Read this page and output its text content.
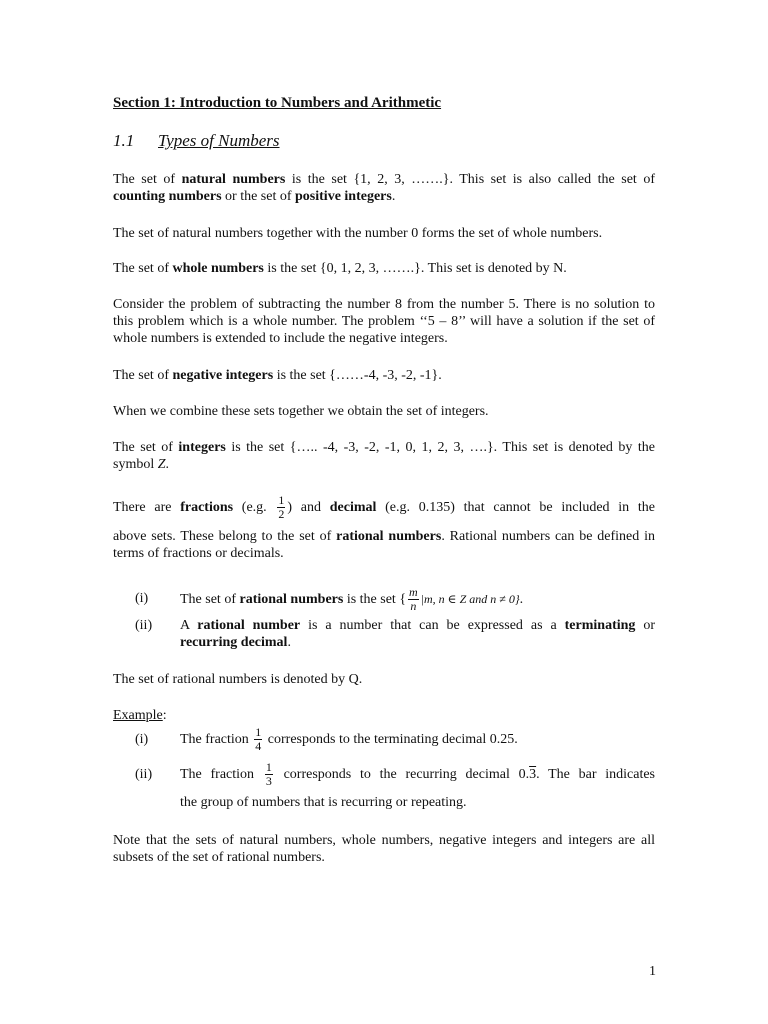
Section 1: Introduction to Numbers and Arithmetic
1.1 Types of Numbers
The set of natural numbers is the set {1, 2, 3, …….}. This set is also called the set of
counting numbers or the set of positive integers.
The set of natural numbers together with the number 0 forms the set of whole numbers.
The set of whole numbers is the set {0, 1, 2, 3, …….}. This set is denoted by N.
Consider the problem of subtracting the number 8 from the number 5. There is no solution to this problem which is a whole number. The problem ‘‘5 – 8’’ will have a solution if the set of whole numbers is extended to include the negative integers.
The set of negative integers is the set {……-4, -3, -2, -1}.
When we combine these sets together we obtain the set of integers.
The set of integers is the set {….. -4, -3, -2, -1, 0, 1, 2, 3, ….}. This set is denoted by the symbol Z.
There are fractions (e.g. $\frac{1}{2}$ ) and decimal (e.g. 0.135) that cannot be included in the
above sets. These belong to the set of rational numbers. Rational numbers can be defined in terms of fractions or decimals.
(i) The set of rational numbers is the set { $\frac{m}{n} |m$, n ∈ Z and n ≠ 0}.
(ii) A rational number is a number that can be expressed as a terminating or
recurring decimal.
The set of rational numbers is denoted by Q.
Example:
(i) The fraction $\frac{1}{4}$ corresponds to the terminating decimal 0.25.
(ii) The fraction $\frac{1}{3}$ corresponds to the recurring decimal 0.3. The bar indicates
the group of numbers that is recurring or repeating.
Note that the sets of natural numbers, whole numbers, negative integers and integers are all subsets of the set of rational numbers.
1
